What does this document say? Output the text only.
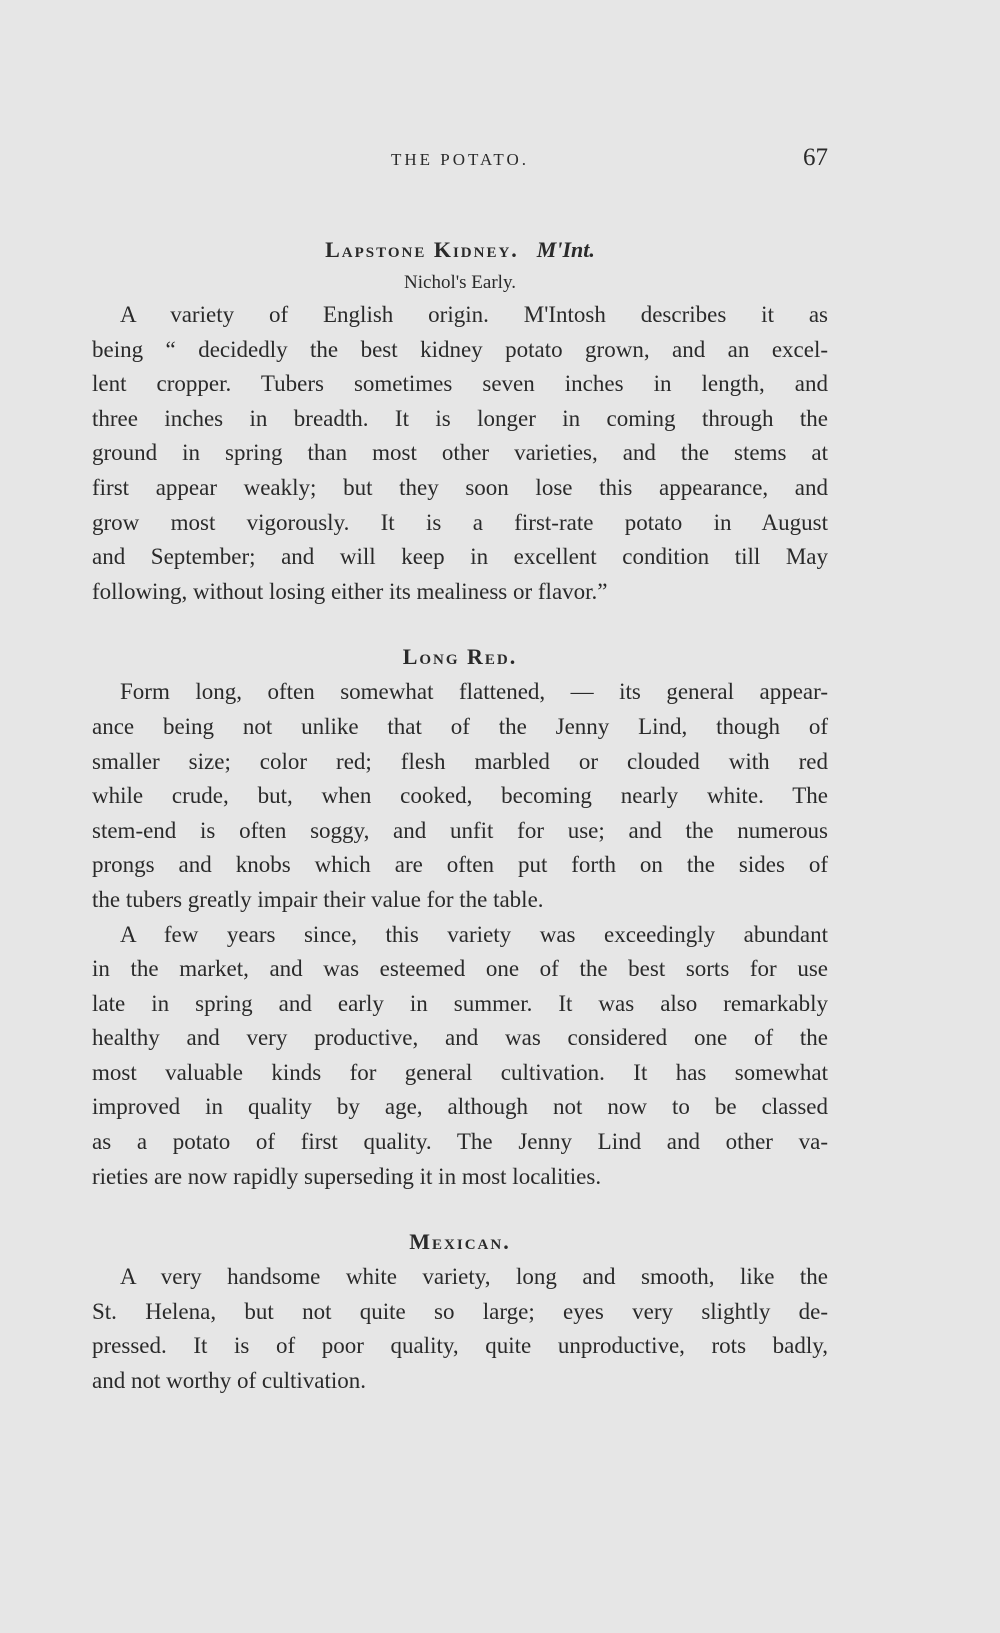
THE POTATO.	67
Lapstone Kidney. M'Int.

Nichol's Early.

A variety of English origin. M'Intosh describes it as
being “ decidedly the best kidney potato grown, and an excel-
lent cropper. Tubers sometimes seven inches in length, and
three inches in breadth. It is longer in coming through the
ground in spring than most other varieties, and the stems at
first appear weakly; but they soon lose this appearance, and
grow most vigorously. It is a first-rate potato in August
and September; and will keep in excellent condition till May
following, without losing either its mealiness or flavor.”
Long Red.
Form long, often somewhat flattened, — its general appear-
ance being not unlike that of the Jenny Lind, though of
smaller size; color red; flesh marbled or clouded with red
while crude, but, when cooked, becoming nearly white. The
stem-end is often soggy, and unfit for use; and the numerous
prongs and knobs which are often put forth on the sides of
the tubers greatly impair their value for the table.
A few years since, this variety was exceedingly abundant
in the market, and was esteemed one of the best sorts for use
late in spring and early in summer. It was also remarkably
healthy and very productive, and was considered one of the
most valuable kinds for general cultivation. It has somewhat
improved in quality by age, although not now to be classed
as a potato of first quality. The Jenny Lind and other va-
rieties are now rapidly superseding it in most localities.
Mexican.
A very handsome white variety, long and smooth, like the
St. Helena, but not quite so large; eyes very slightly de-
pressed. It is of poor quality, quite unproductive, rots badly,
and not worthy of cultivation.
